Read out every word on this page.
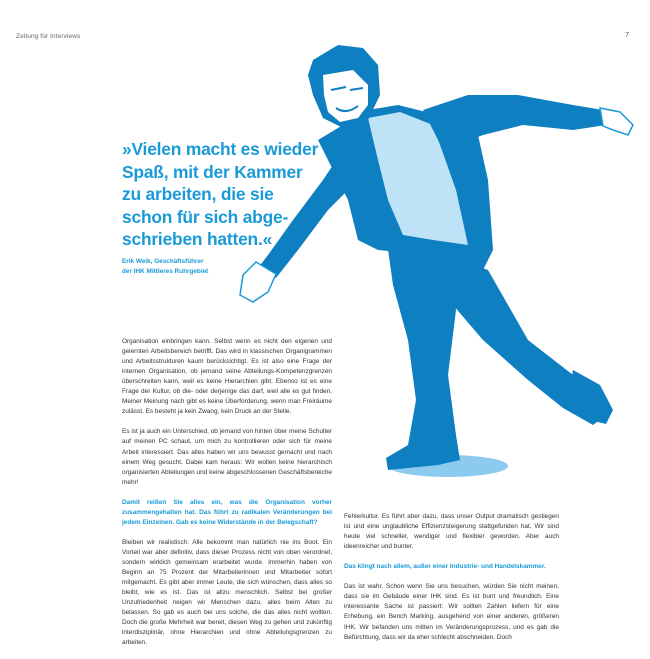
Zeitung für Interviews	7
»Vielen macht es wieder
Spaß, mit der Kammer
zu arbeiten, die sie
schon für sich abge-
schrieben hatten.«
Erik Weik, Geschäftsführer
der IHK Mittleres Ruhrgebiet

Organisation einbringen kann. Selbst wenn es nicht den eigenen und gelernten Arbeitsbereich betrifft. Das wird in klassischen Organigrammen und Arbeitsstrukturen kaum berücksichtigt. Es ist also eine Frage der internen Organisation, ob jemand seine Abteilungs-Kompetenzgrenzen überschreiten kann, weil es keine Hierarchien gibt. Ebenso ist es eine Frage der Kultur, ob die- oder derjenige das darf, weil alle es gut finden. Meiner Meinung nach gibt es keine Überforderung, wenn man Freiräume zulässt. Es besteht ja kein Zwang, kein Druck an der Stelle.

Es ist ja auch ein Unterschied, ob jemand von hinten über meine Schulter auf meinen PC schaut, um mich zu kontrollieren oder sich für meine Arbeit interessiert. Das alles haben wir uns bewusst gemacht und nach einem Weg gesucht. Dabei kam heraus: Wir wollen keine hierarchisch organisierten Abteilungen und keine abgeschlossenen Geschäftsbereiche mehr!

Damit reißen Sie alles ein, was die Organisation vorher zusammengehalten hat. Das führt zu radikalen Veränderungen bei jedem Einzelnen. Gab es keine Widerstände in der Belegschaft?

Bleiben wir realistisch: Alle bekommt man natürlich nie ins Boot. Ein Vorteil war aber definitiv, dass dieser Prozess nicht von oben verordnet, sondern wirklich gemeinsam erarbeitet wurde. Immerhin haben von Beginn an 75 Prozent der Mitarbeiterinnen und Mitarbeiter sofort mitgemacht. Es gibt aber immer Leute, die sich wünschen, dass alles so bleibt, wie es ist. Das ist allzu menschlich. Selbst bei großer Unzufriedenheit neigen wir Menschen dazu, alles beim Alten zu belassen. So gab es auch bei uns solche, die das alles nicht wollten. Doch die große Mehrheit war bereit, diesen Weg zu gehen und zukünftig interdisziplinär, ohne Hierarchien und ohne Abteilungsgrenzen zu arbeiten.

Fehlerkultur. Es führt aber dazu, dass unser Output dramatisch gestiegen ist und eine unglaubliche Effizienzsteigerung stattgefunden hat. Wir sind heute viel schneller, wendiger und flexibler geworden. Aber auch ideenreicher und bunter.

Das klingt nach allem, außer einer Industrie- und Handelskammer.

Das ist wahr. Schon wenn Sie uns besuchen, würden Sie nicht meinen, dass sie im Gebäude einer IHK sind. Es ist bunt und freundlich. Eine interessante Sache ist passiert: Wir sollten Zahlen liefern für eine Erhebung, ein Bench Marking, ausgehend von einer anderen, größeren IHK. Wir befanden uns mitten im Veränderungsprozess, und es gab die Befürchtung, dass wir da eher schlecht abschneiden. Doch
